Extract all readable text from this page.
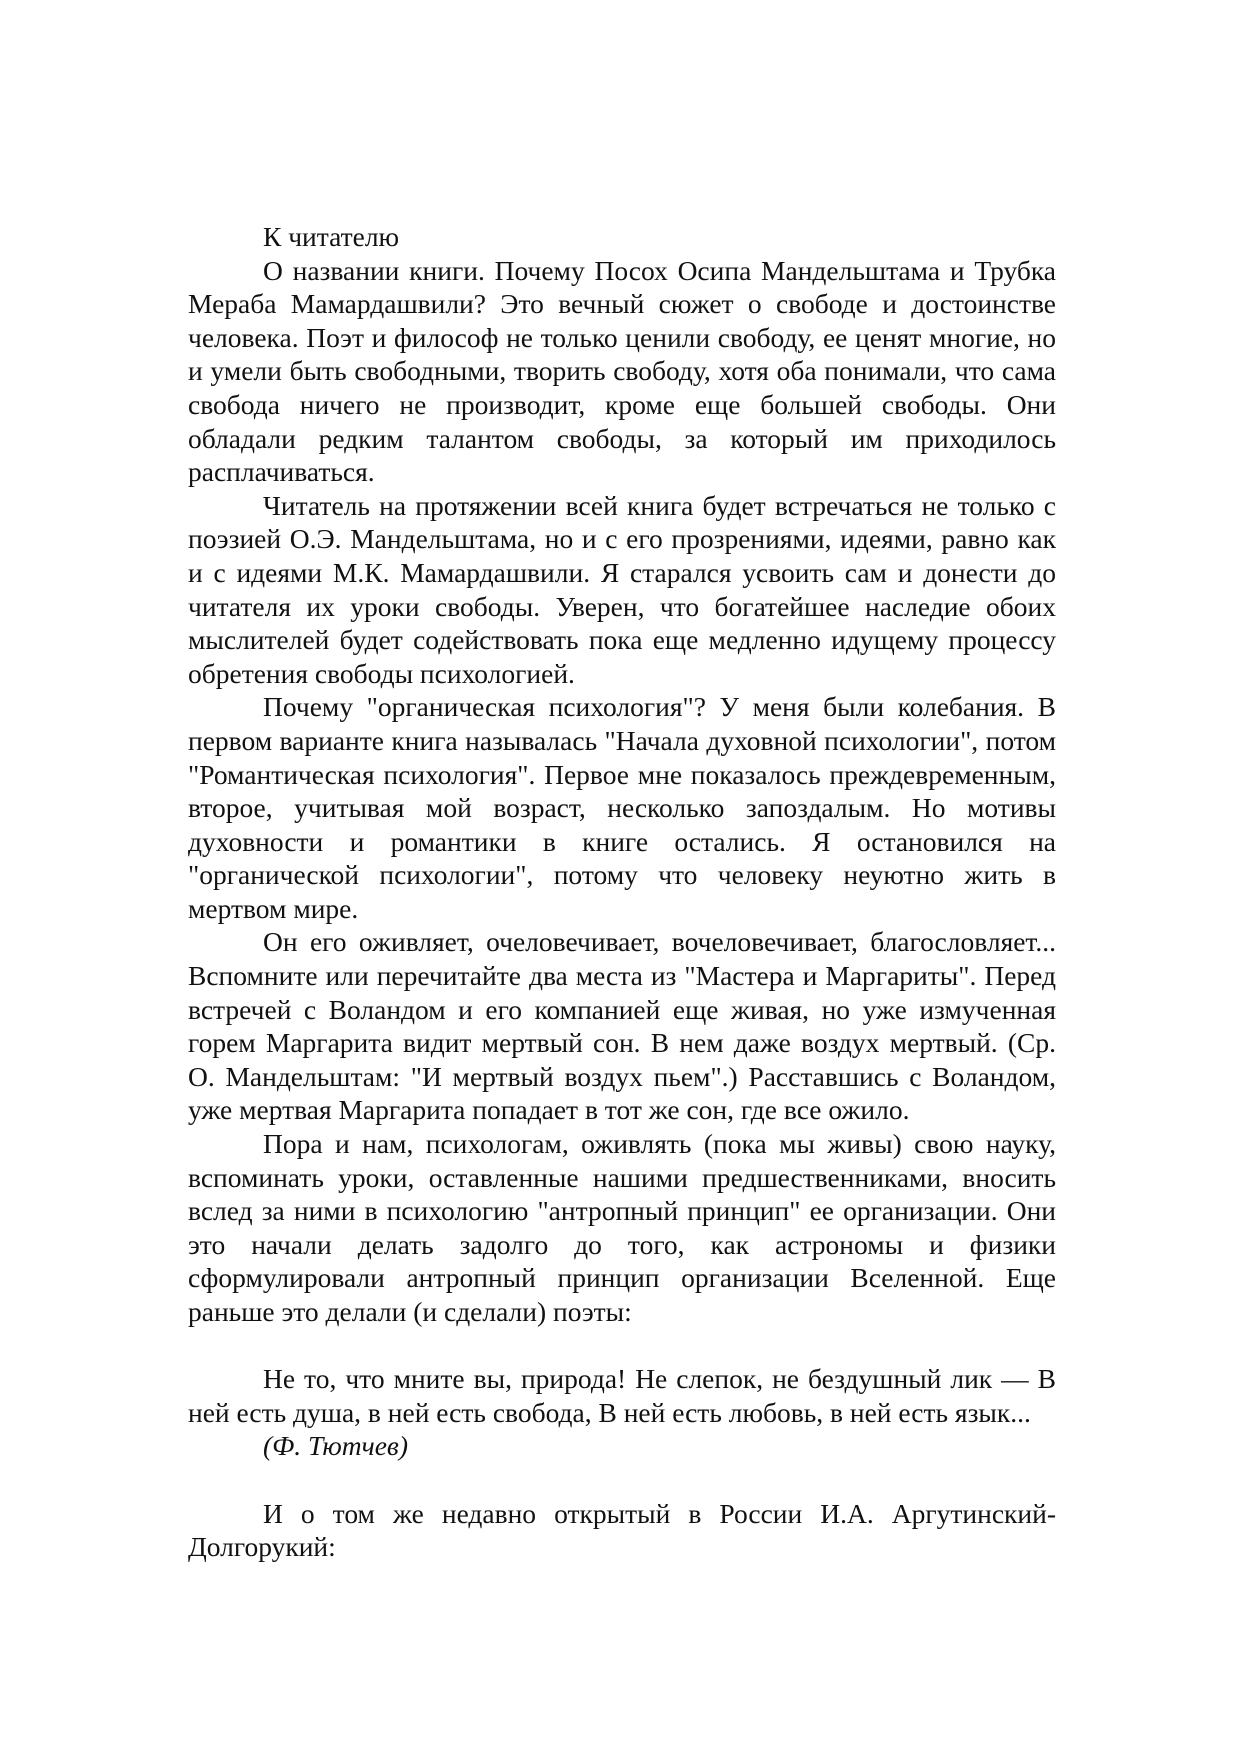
К читателю

О названии книги. Почему Посох Осипа Мандельштама и Трубка Мераба Мамардашвили? Это вечный сюжет о свободе и достоинстве человека. Поэт и философ не только ценили свободу, ее ценят многие, но и умели быть свободными, творить свободу, хотя оба понимали, что сама свобода ничего не производит, кроме еще большей свободы. Они обладали редким талантом свободы, за который им приходилось расплачиваться.

Читатель на протяжении всей книга будет встречаться не только с поэзией О.Э. Мандельштама, но и с его прозрениями, идеями, равно как и с идеями М.К. Мамардашвили. Я старался усвоить сам и донести до читателя их уроки свободы. Уверен, что богатейшее наследие обоих мыслителей будет содействовать пока еще медленно идущему процессу обретения свободы психологией.

Почему "органическая психология"? У меня были колебания. В первом варианте книга называлась "Начала духовной психологии", потом "Романтическая психология". Первое мне показалось преждевременным, второе, учитывая мой возраст, несколько запоздалым. Но мотивы духовности и романтики в книге остались. Я остановился на "органической психологии", потому что человеку неуютно жить в мертвом мире.

Он его оживляет, очеловечивает, вочеловечивает, благословляет... Вспомните или перечитайте два места из "Мастера и Маргариты". Перед встречей с Воландом и его компанией еще живая, но уже измученная горем Маргарита видит мертвый сон. В нем даже воздух мертвый. (Ср. О. Мандельштам: "И мертвый воздух пьем".) Расставшись с Воландом, уже мертвая Маргарита попадает в тот же сон, где все ожило.

Пора и нам, психологам, оживлять (пока мы живы) свою науку, вспоминать уроки, оставленные нашими предшественниками, вносить вслед за ними в психологию "антропный принцип" ее организации. Они это начали делать задолго до того, как астрономы и физики сформулировали антропный принцип организации Вселенной. Еще раньше это делали (и сделали) поэты:

Не то, что мните вы, природа! Не слепок, не бездушный лик — В ней есть душа, в ней есть свобода, В ней есть любовь, в ней есть язык...

(Ф. Тютчев)

И о том же недавно открытый в России И.А. Аргутинский-Долгорукий:
